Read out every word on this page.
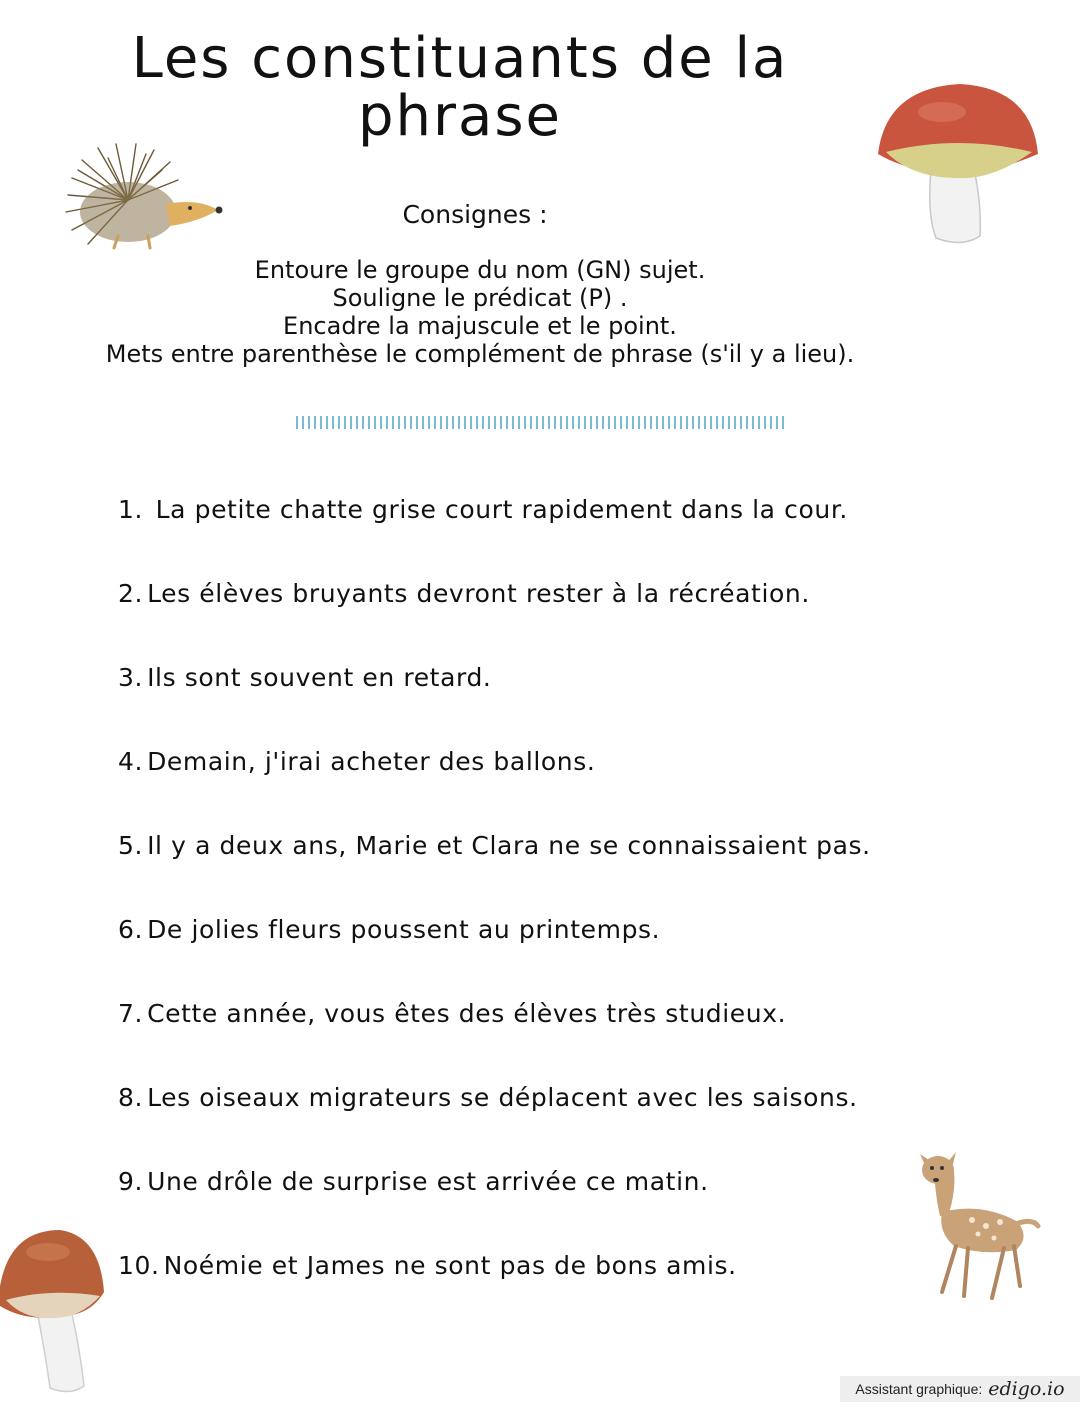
Les constituants de la phrase
Consignes :
Entoure le groupe du nom (GN) sujet.
Souligne le prédicat (P) .
Encadre la majuscule et le point.
Mets entre parenthèse le complément de phrase (s'il y a lieu).
1. La petite chatte grise court rapidement dans la cour.
2. Les élèves bruyants devront rester à la récréation.
3. Ils sont souvent en retard.
4. Demain, j'irai acheter des ballons.
5. Il y a deux ans, Marie et Clara ne se connaissaient pas.
6. De jolies fleurs poussent au printemps.
7. Cette année, vous êtes des élèves très studieux.
8. Les oiseaux migrateurs se déplacent avec les saisons.
9. Une drôle de surprise est arrivée ce matin.
10. Noémie et James ne sont pas de bons amis.
Assistant graphique: edigo.io
